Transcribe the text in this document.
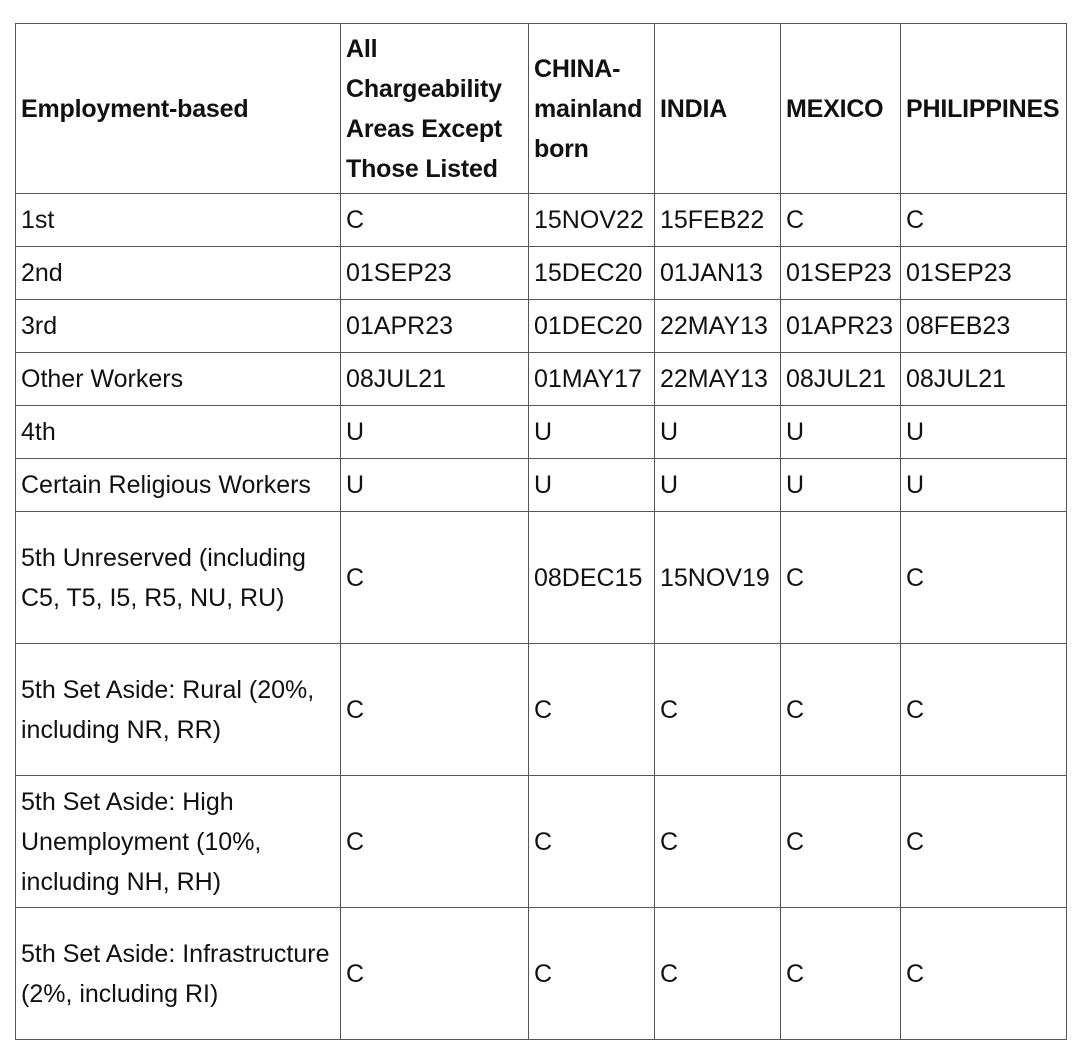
Employment-based	All Chargeability Areas Except Those Listed	CHINA-mainland born	INDIA	MEXICO	PHILIPPINES
1st	C	15NOV22	15FEB22	C	C
2nd	01SEP23	15DEC20	01JAN13	01SEP23	01SEP23
3rd	01APR23	01DEC20	22MAY13	01APR23	08FEB23
Other Workers	08JUL21	01MAY17	22MAY13	08JUL21	08JUL21
4th	U	U	U	U	U
Certain Religious Workers	U	U	U	U	U
5th Unreserved (including C5, T5, I5, R5, NU, RU)	C	08DEC15	15NOV19	C	C
5th Set Aside: Rural (20%, including NR, RR)	C	C	C	C	C
5th Set Aside: High Unemployment (10%, including NH, RH)	C	C	C	C	C
5th Set Aside: Infrastructure (2%, including RI)	C	C	C	C	C
